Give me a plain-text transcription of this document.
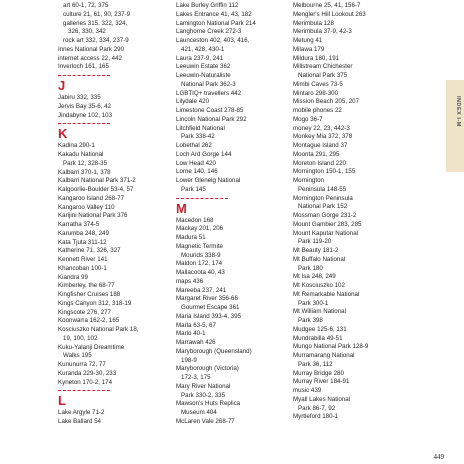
art 60-1, 72, 375
culture 21, 61, 90, 237-9
galleries 315, 322, 324,
326, 330, 342
rock art 332, 334, 237-9
Innes National Park 290
internet access 22, 442
Inverloch 161, 165
J
Jabiru 332, 335
Jervis Bay 35-6, 42
Jindabyne 102, 103
K
Kadina 290-1
Kakadu National
Park 12, 328-35
Kalbarri 370-1, 378
Kalbarri National Park 371-2
Kalgoorlie-Boulder 53-4, 57
Kangaroo Island 268-77
Kangaroo Valley 110
Karijini National Park 376
Karratha 374-5
Karumba 248, 249
Kata Tjuta 311-12
Katherine 71, 326, 327
Kennett River 141
Khancoban 100-1
Kiandra 99
Kimberley, the 68-77
Kingfisher Cruises 188
Kings Canyon 312, 318-19
Kingscote 276, 277
Koonwarra 162-2, 165
Kosciuszko National Park 18,
19, 100, 102
Kuku-Yalanji Dreamtime
Walks 195
Kununurra 72, 77
Kuranda 229-30, 233
Kyneton 170-2, 174
L
Lake Argyle 71-2
Lake Ballard 54
Lake Burley Griffin 112
Lakes Entrance 41, 43, 182
Lamington National Park 214
Langhorne Creek 272-3
Launceston 402, 403, 416,
421, 428, 430-1
Laura 237-9, 241
Leeuwin Estate 362
Leeuwin-Naturaliste
National Park 362-3
LGBTIQ+ travellers 442
Lilydale 420
Limestone Coast 278-85
Lincoln National Park 292
Litchfield National
Park 338-42
Lobethal 262
Loch Ard Gorge 144
Low Head 420
Lorne 140, 146
Lower Glenelg National
Park 145
M
Macedon 168
Mackay 201, 206
Madura 51
Magnetic Termite
Mounds 338-9
Maldon 172, 174
Mallacoota 40, 43
maps 436
Mareeba 237, 241
Margaret River 356-66
Gourmet Escape 361
Maria Island 393-4, 395
Marla 63-5, 67
Marlo 40-1
Marrawah 426
Maryborough (Queensland)
198-9
Maryborough (Victoria)
172-3, 175
Mary River National
Park 330-2, 335
Mawson's Huts Replica
Museum 404
McLaren Vale 268-77
Melbourne 25, 41, 156-7
Mengler's Hill Lookout 263
Merimbula 128
Merimbula 37-9, 42-3
Metung 41
Milawa 179
Mildura 180, 191
Millstream Chichester
National Park 375
Mimbi Caves 73-5
Mintaro 298-300
Mission Beach 205, 207
mobile phones 22
Mogo 36-7
money 22, 23, 442-3
Monkey Mia 372, 378
Montague Island 37
Moonta 291, 295
Moreton Island 220
Mornington 150-1, 155
Mornington
Peninsula 148-55
Mornington Peninsula
National Park 152
Mossman Gorge 231-2
Mount Gambier 283, 285
Mount Kaputar National
Park 119-20
Mt Beauty 181-2
Mt Buffalo National
Park 180
Mt Isa 248, 249
Mt Kosciuszko 102
Mt Remarkable National
Park 300-1
Mt William National
Park 398
Mudgee 125-6, 131
Mundrabilla 49-51
Mungo National Park 128-9
Murramarang National
Park 36, 112
Murray Bridge 280
Murray River 184-91
music 439
Myall Lakes National
Park 86-7, 92
Myrtleford 180-1
INDEX I-M
449
